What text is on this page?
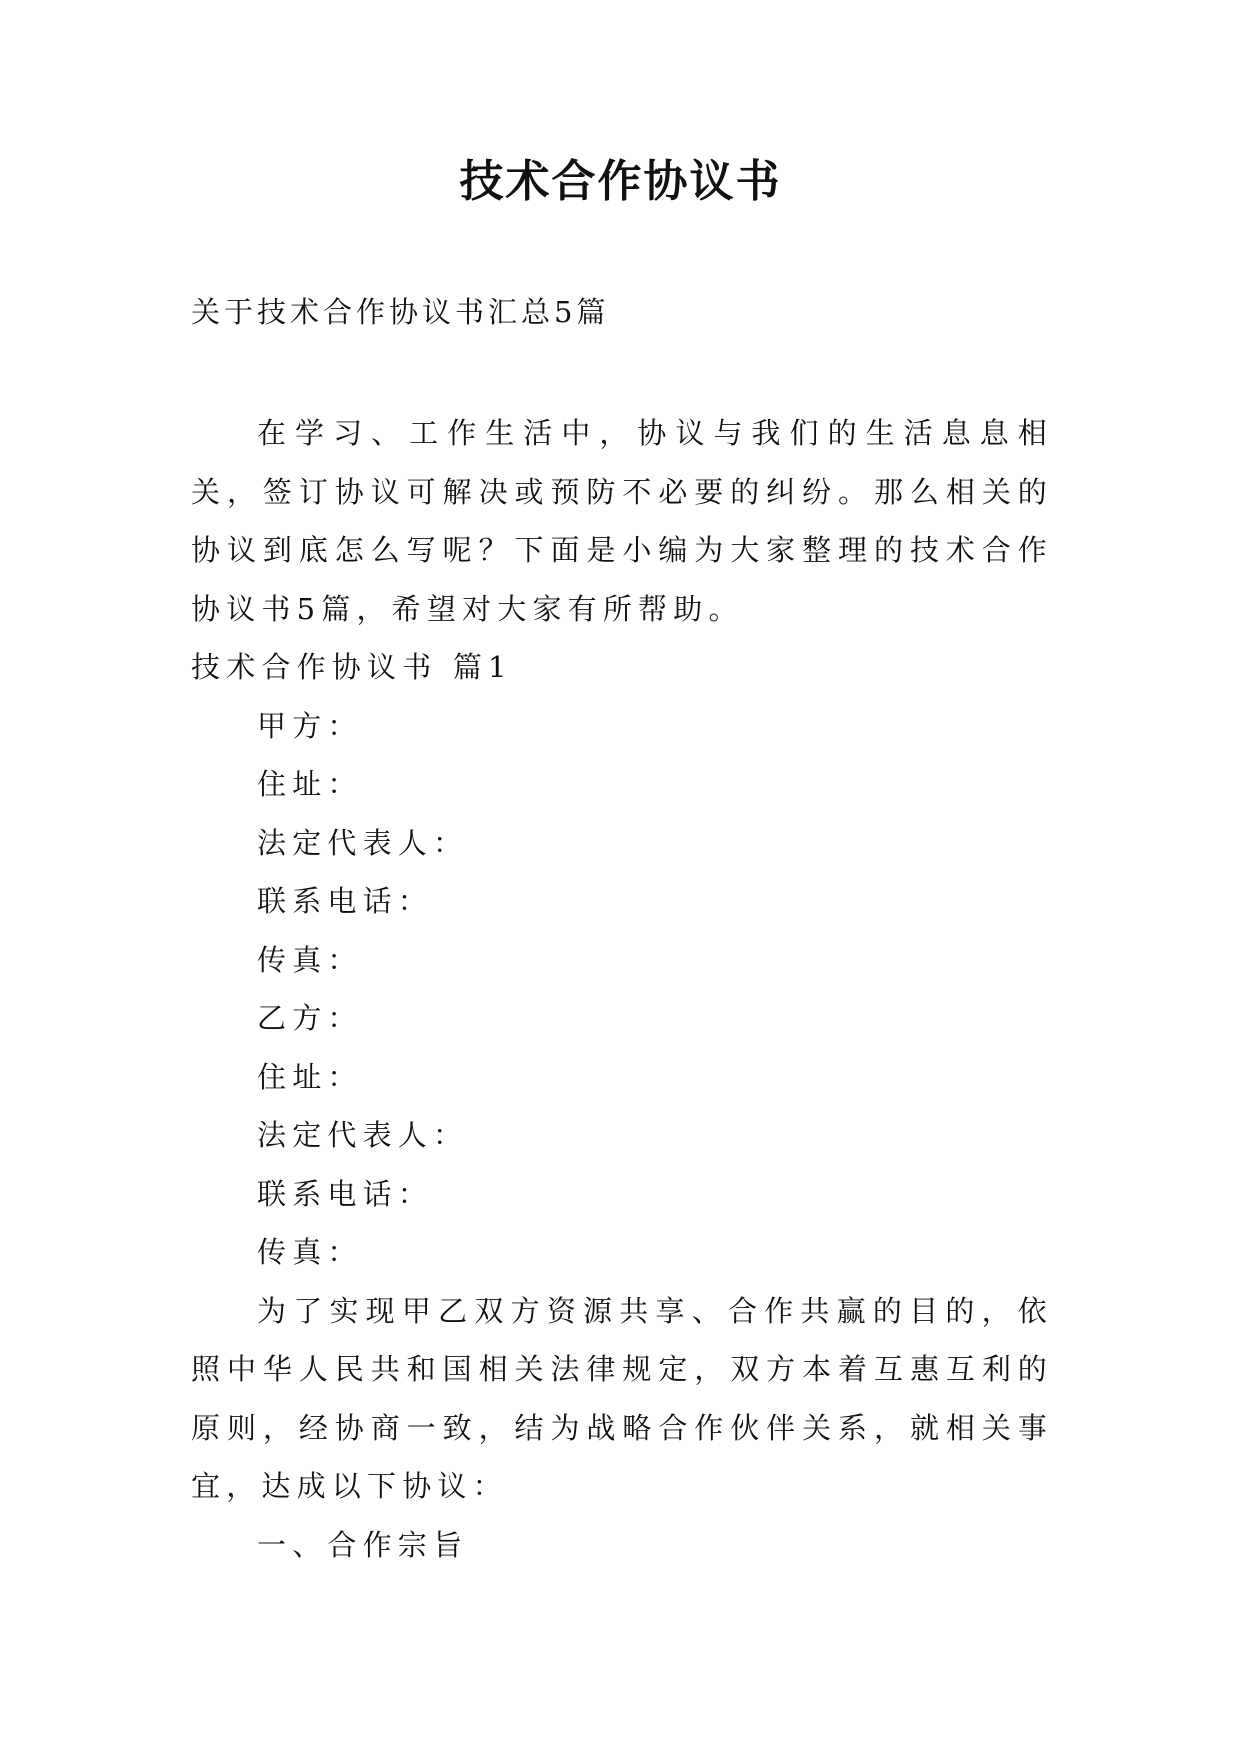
技术合作协议书

关于技术合作协议书汇总5篇

在学习、工作生活中，协议与我们的生活息息相关，签订协议可解决或预防不必要的纠纷。那么相关的协议到底怎么写呢？下面是小编为大家整理的技术合作协议书5篇，希望对大家有所帮助。

技术合作协议书 篇1

甲方：

住址：

法定代表人：

联系电话：

传真：

乙方：

住址：

法定代表人：

联系电话：

传真：

为了实现甲乙双方资源共享、合作共赢的目的，依照中华人民共和国相关法律规定，双方本着互惠互利的原则，经协商一致，结为战略合作伙伴关系，就相关事宜，达成以下协议：

一、合作宗旨
